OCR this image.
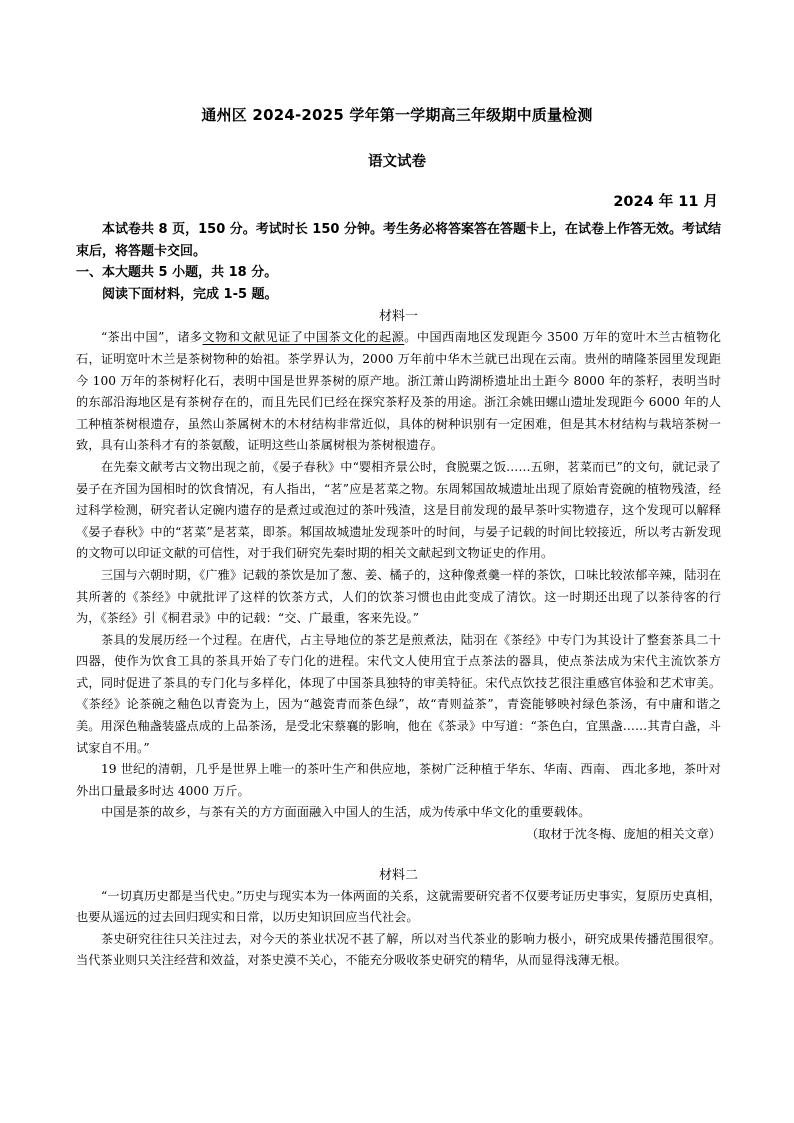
通州区 2024-2025 学年第一学期高三年级期中质量检测
语文试卷
2024 年 11 月

本试卷共 8 页，150 分。考试时长 150 分钟。考生务必将答案答在答题卡上，在试卷上作答无效。考试结束后，将答题卡交回。

一、本大题共 5 小题，共 18 分。

阅读下面材料，完成 1-5 题。

材料一

“茶出中国”，诸多文物和文献见证了中国茶文化的起源。中国西南地区发现距今 3500 万年的宽叶木兰古植物化石，证明宽叶木兰是茶树物种的始祖。茶学界认为，2000 万年前中华木兰就已出现在云南。贵州的晴隆茶园里发现距今 100 万年的茶树籽化石，表明中国是世界茶树的原产地。浙江萧山跨湖桥遗址出土距今 8000 年的茶籽，表明当时的东部沿海地区是有茶树存在的，而且先民们已经在探究茶籽及茶的用途。浙江余姚田螺山遗址发现距今 6000 年的人工种植茶树根遗存，虽然山茶属树木的木材结构非常近似，具体的树种识别有一定困难，但是其木材结构与栽培茶树一致，具有山茶科才有的茶氨酸，证明这些山茶属树根为茶树根遗存。

在先秦文献考古文物出现之前，《晏子春秋》中“婴相齐景公时，食脱粟之饭……五卵，茗菜而已”的文句，就记录了晏子在齐国为国相时的饮食情况，有人指出，“茗”应是茗菜之物。东周邾国故城遗址出现了原始青瓷碗的植物残渣，经过科学检测，研究者认定碗内遗存的是煮过或泡过的茶叶残渣，这是目前发现的最早茶叶实物遗存，这个发现可以解释《晏子春秋》中的“茗菜”是茗菜，即茶。邾国故城遗址发现茶叶的时间，与晏子记载的时间比较接近，所以考古新发现的文物可以印证文献的可信性，对于我们研究先秦时期的相关文献起到文物证史的作用。

三国与六朝时期，《广雅》记载的茶饮是加了葱、姜、橘子的，这种像煮羹一样的茶饮，口味比较浓郁辛辣，陆羽在其所著的《茶经》中就批评了这样的饮茶方式，人们的饮茶习惯也由此变成了清饮。这一时期还出现了以茶待客的行为，《茶经》引《桐君录》中的记载：“交、广最重，客来先设。”

茶具的发展历经一个过程。在唐代，占主导地位的茶艺是煎煮法，陆羽在《茶经》中专门为其设计了整套茶具二十四器，使作为饮食工具的茶具开始了专门化的进程。宋代文人使用宜于点茶法的器具，使点茶法成为宋代主流饮茶方式，同时促进了茶具的专门化与多样化，体现了中国茶具独特的审美特征。宋代点饮技艺很注重感官体验和艺术审美。《茶经》论茶碗之釉色以青瓷为上，因为“越瓷青而茶色绿”，故“青则益茶”，青瓷能够映衬绿色茶汤，有中庸和谐之美。用深色釉盏装盛点成的上品茶汤，是受北宋蔡襄的影响，他在《茶录》中写道：“茶色白，宜黑盏……其青白盏，斗试家自不用。”

19 世纪的清朝，几乎是世界上唯一的茶叶生产和供应地，茶树广泛种植于华东、华南、西南、 西北多地，茶叶对外出口量最多时达 4000 万斤。

中国是茶的故乡，与茶有关的方方面面融入中国人的生活，成为传承中华文化的重要载体。

（取材于沈冬梅、庞旭的相关文章）

材料二

“一切真历史都是当代史。”历史与现实本为一体两面的关系，这就需要研究者不仅要考证历史事实，复原历史真相，也要从遥远的过去回归现实和日常，以历史知识回应当代社会。

茶史研究往往只关注过去，对今天的茶业状况不甚了解，所以对当代茶业的影响力极小，研究成果传播范围很窄。当代茶业则只关注经营和效益，对茶史漠不关心，不能充分吸收茶史研究的精华，从而显得浅薄无根。
